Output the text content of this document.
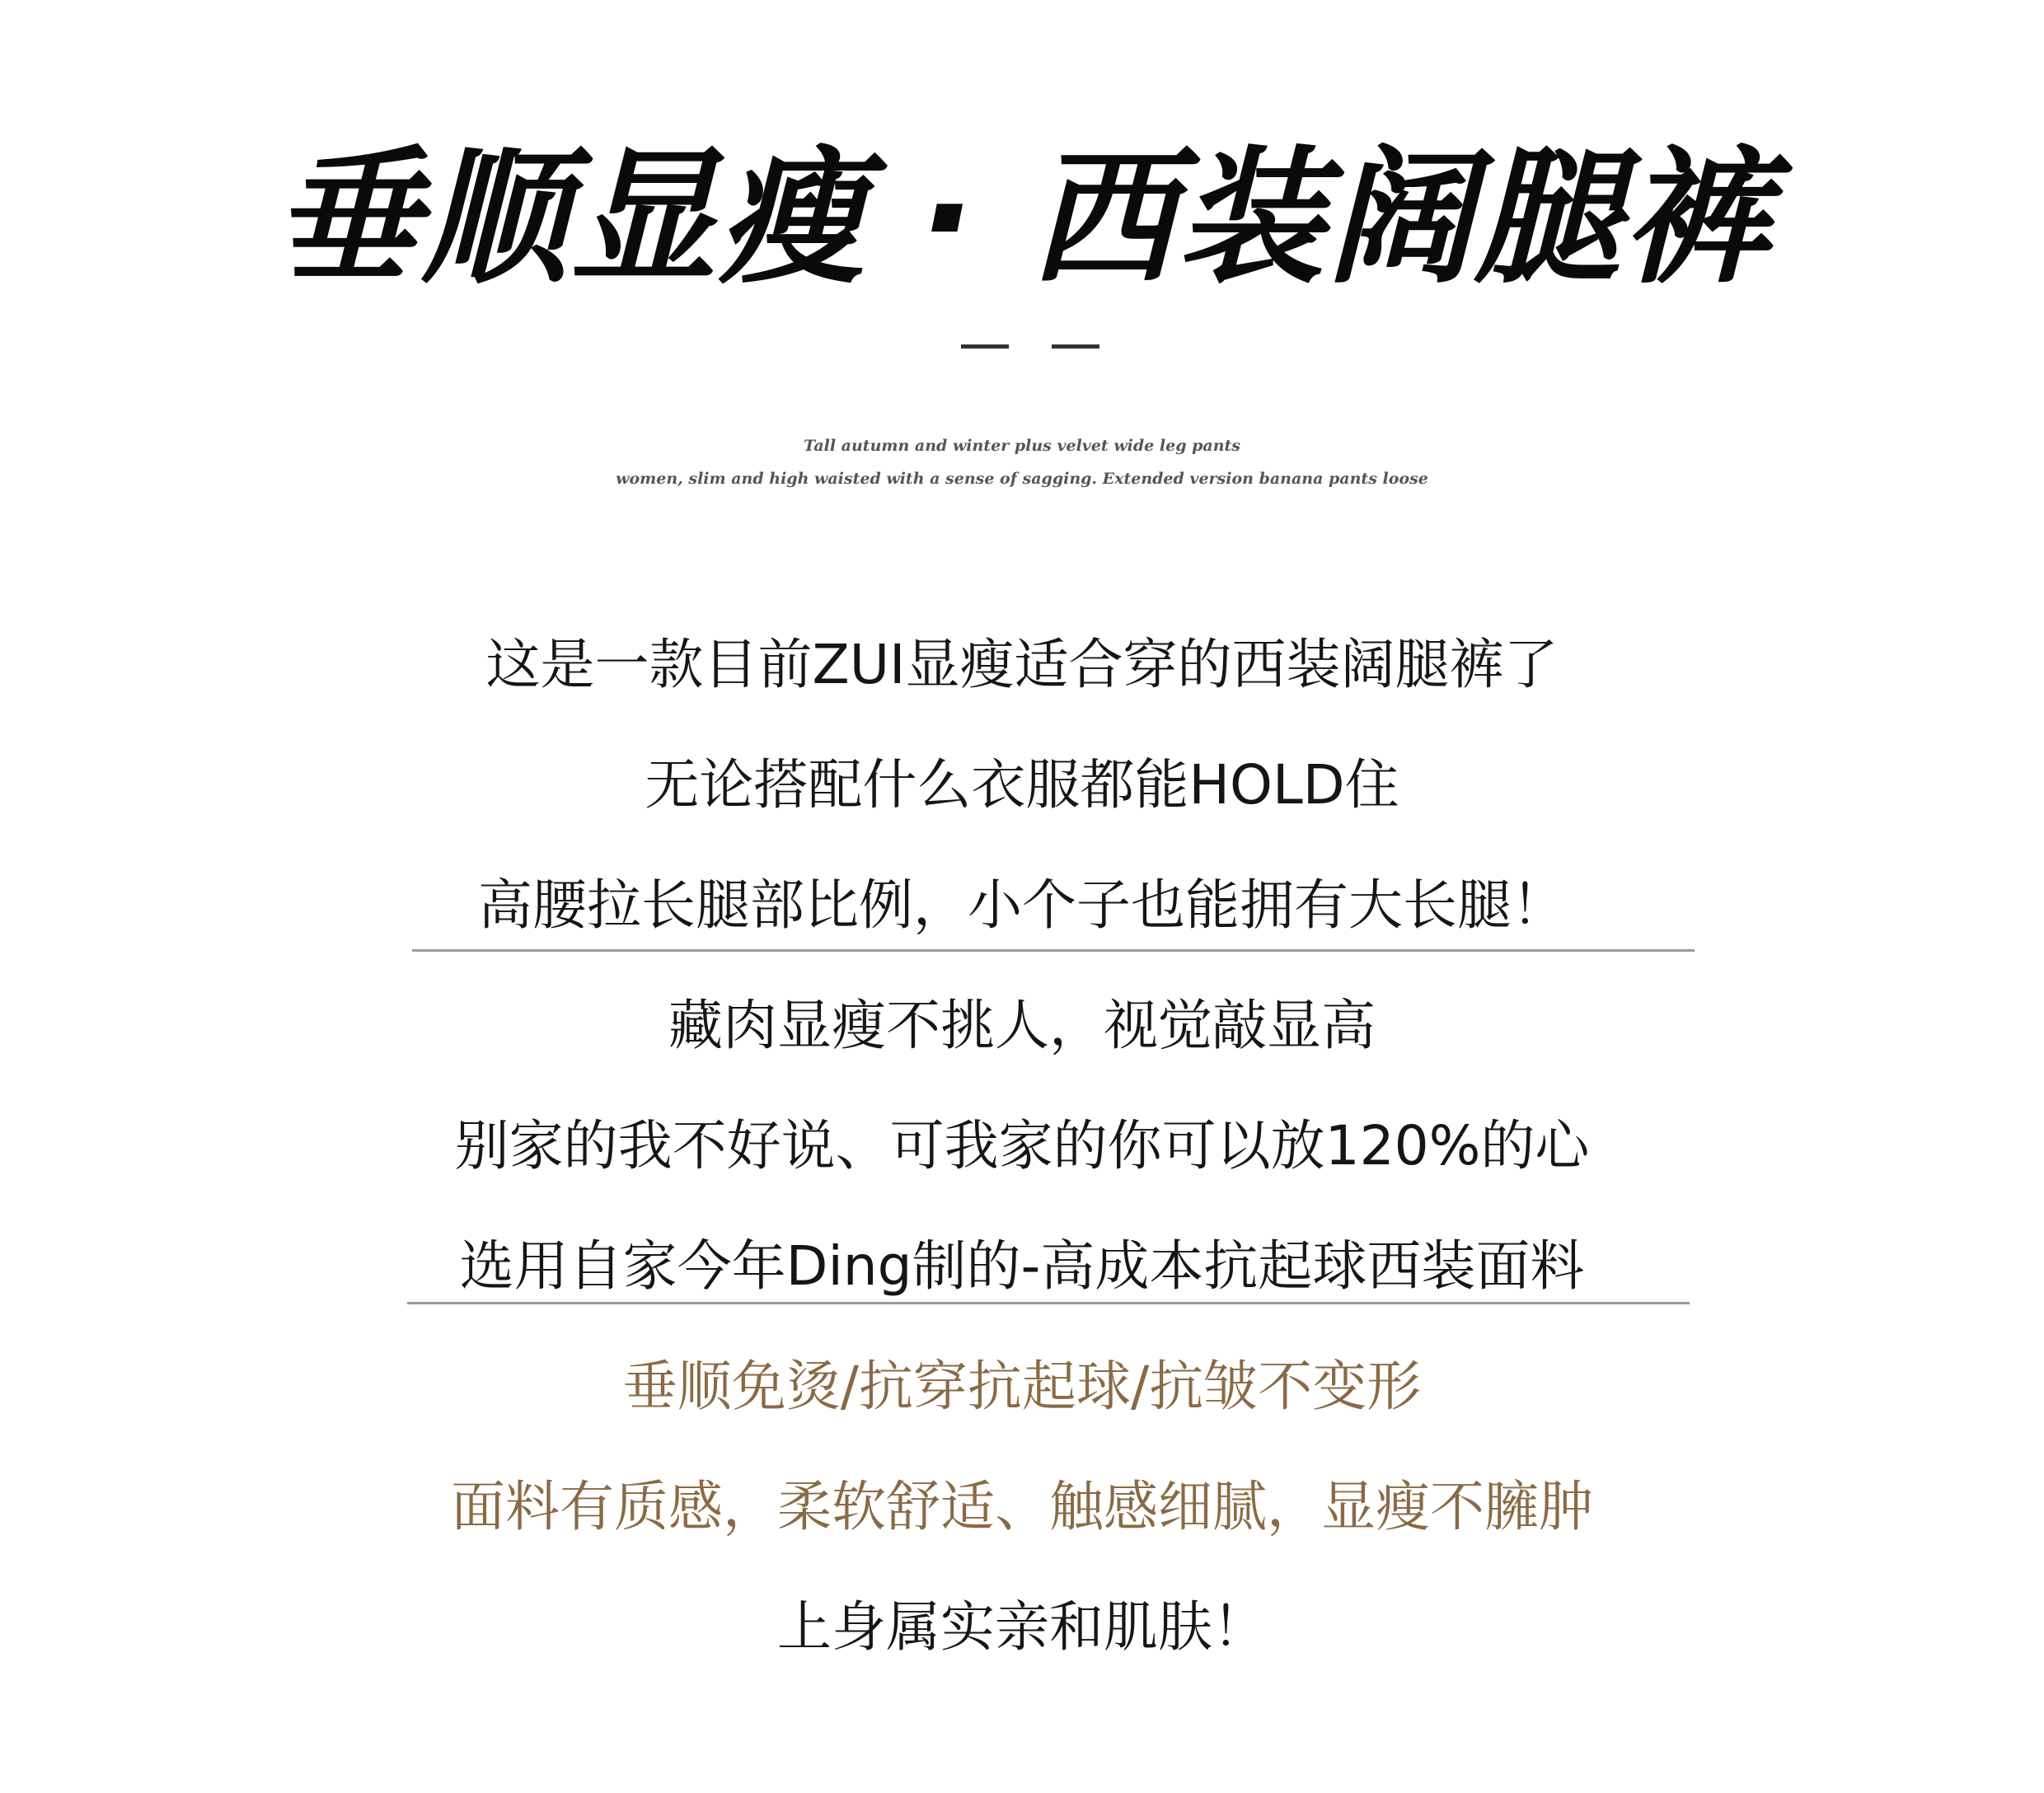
垂顺显瘦 · 西装阔腿裤
Tall autumn and winter plus velvet wide leg pants
women, slim and high waisted with a sense of sagging. Extended version banana pants loose
这是一款目前ZUI显瘦适合穿的西装阔腿裤了
无论搭配什么衣服都能HOLD住
高腰拉长腿部比例，小个子也能拥有大长腿！
藏肉显瘦不挑人，视觉敲显高
别家的我不好说、可我家的你可以放120%的心
选用自家今年Ding制的-高成本抗起球西装面料
垂顺免烫/抗穿抗起球/抗皱不变形
面料有质感，柔软舒适、触感细腻，显瘦不臃肿
上身属实亲和肌肤！
